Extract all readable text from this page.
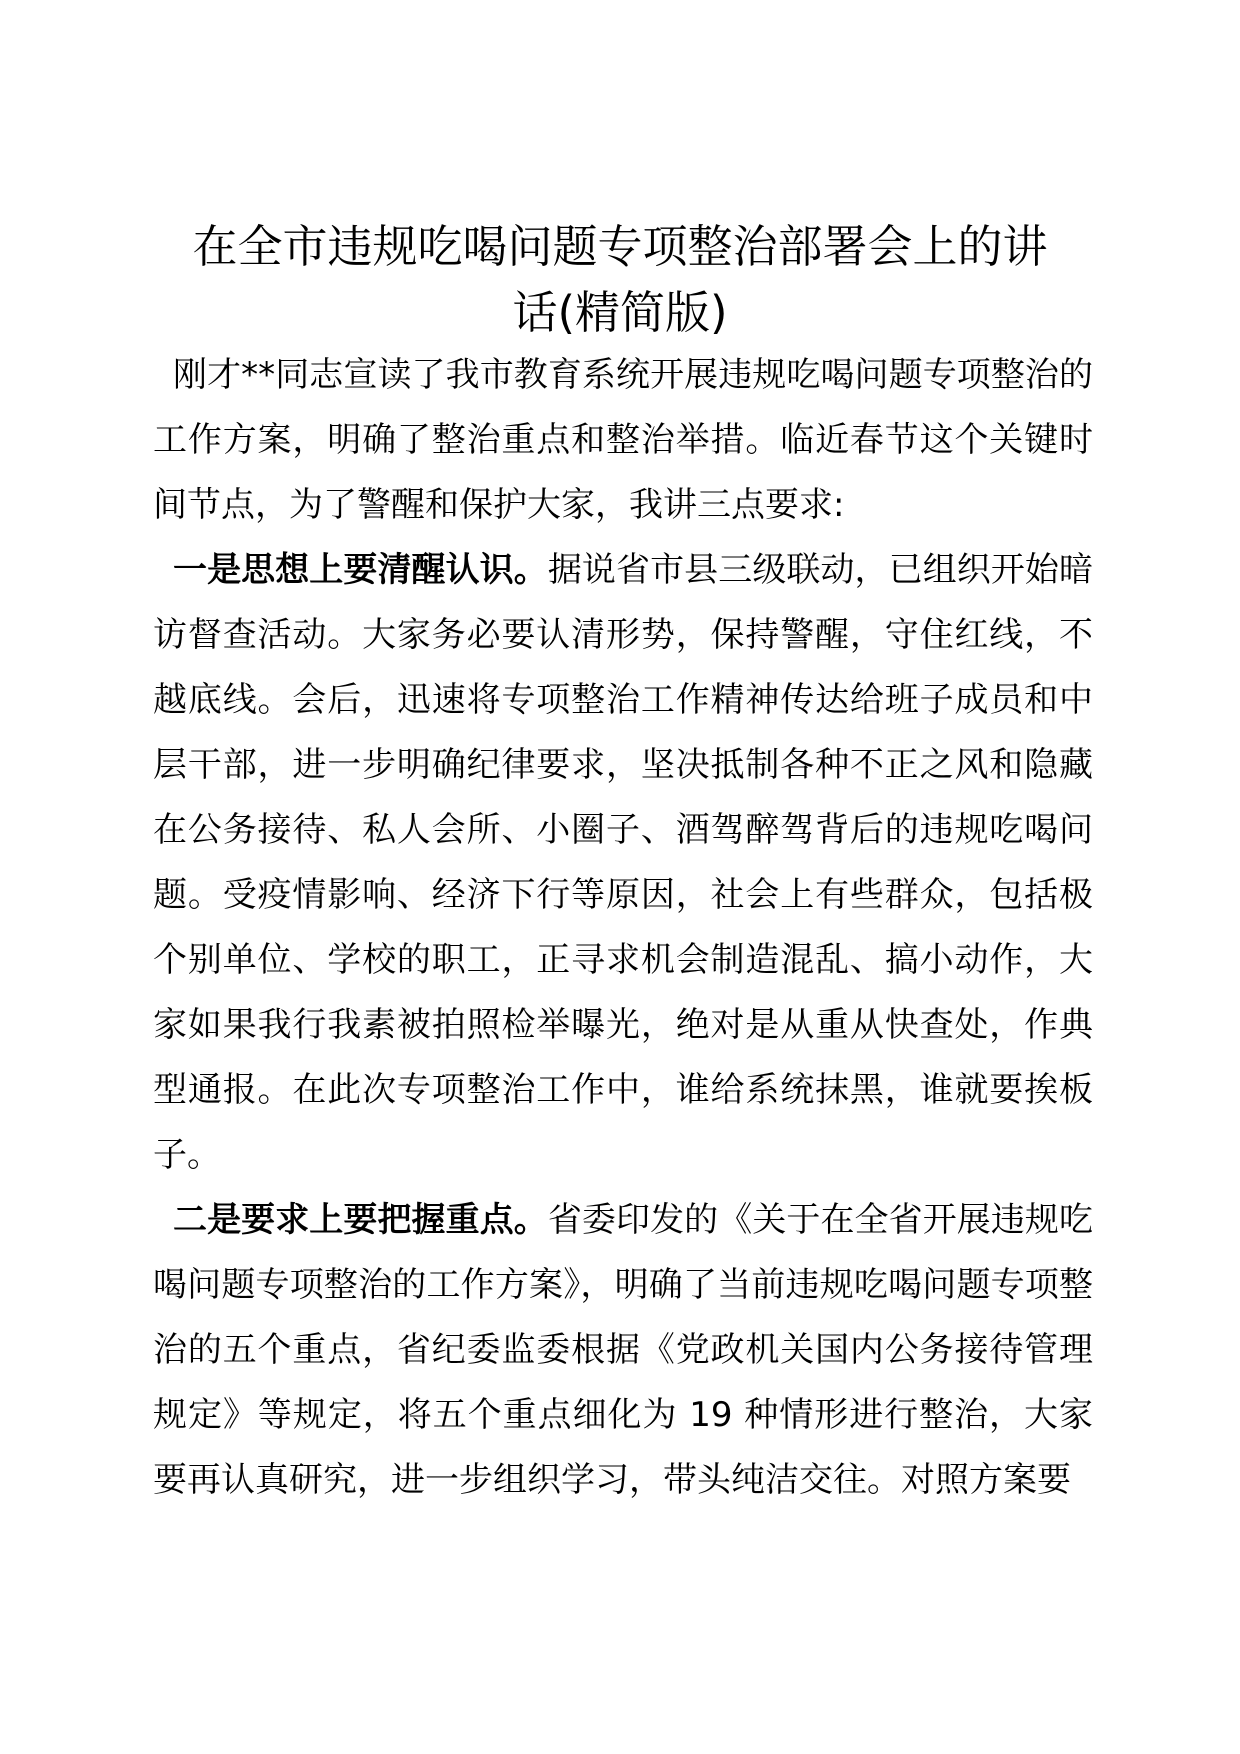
在全市违规吃喝问题专项整治部署会上的讲
话(精简版)

刚才**同志宣读了我市教育系统开展违规吃喝问题专项整治的工作方案，明确了整治重点和整治举措。临近春节这个关键时间节点，为了警醒和保护大家，我讲三点要求:

一是思想上要清醒认识。据说省市县三级联动，已组织开始暗访督查活动。大家务必要认清形势，保持警醒，守住红线，不越底线。会后，迅速将专项整治工作精神传达给班子成员和中层干部，进一步明确纪律要求，坚决抵制各种不正之风和隐藏在公务接待、私人会所、小圈子、酒驾醉驾背后的违规吃喝问题。受疫情影响、经济下行等原因，社会上有些群众，包括极个别单位、学校的职工，正寻求机会制造混乱、搞小动作，大家如果我行我素被拍照检举曝光，绝对是从重从快查处，作典型通报。在此次专项整治工作中，谁给系统抹黑，谁就要挨板子。

二是要求上要把握重点。省委印发的《关于在全省开展违规吃喝问题专项整治的工作方案》，明确了当前违规吃喝问题专项整治的五个重点，省纪委监委根据《党政机关国内公务接待管理规定》等规定，将五个重点细化为 19 种情形进行整治，大家要再认真研究，进一步组织学习，带头纯洁交往。对照方案要
